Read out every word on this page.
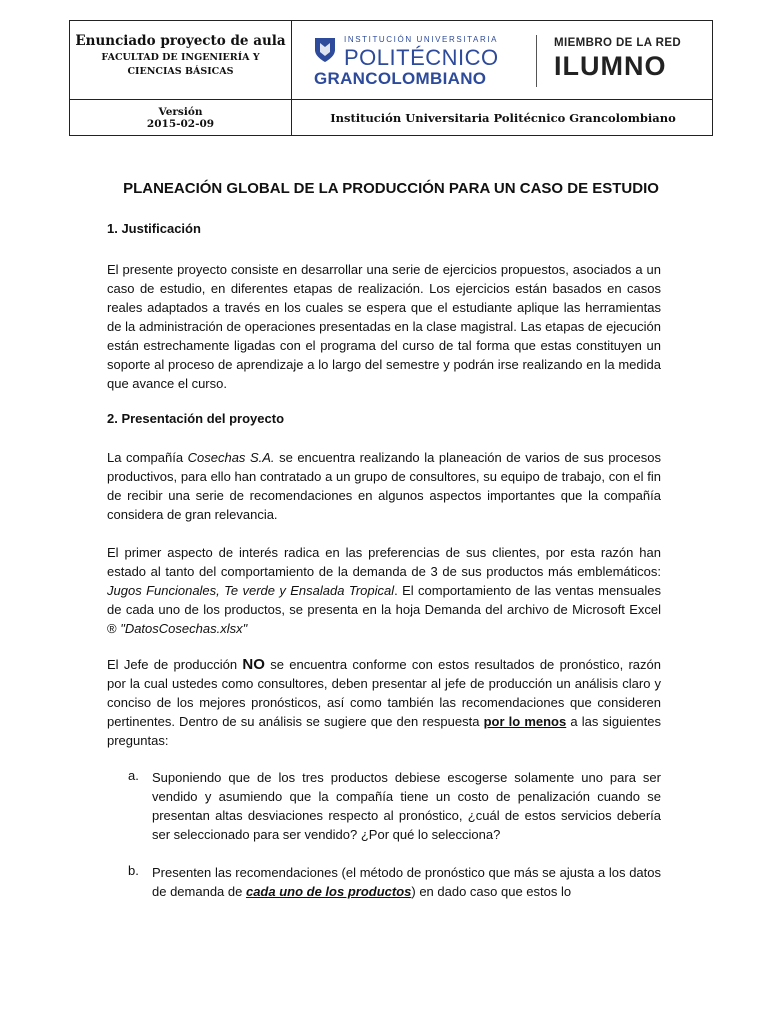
Enunciado proyecto de aula
FACULTAD DE INGENIERÍA Y
CIENCIAS BÁSICAS
INSTITUCIÓN UNIVERSITARIA
POLITÉCNICO
GRANCOLOMBIANO
MIEMBRO DE LA RED
ILUMNO
Versión
2015-02-09	Institución Universitaria Politécnico Grancolombiano
PLANEACIÓN GLOBAL DE LA PRODUCCIÓN PARA UN CASO DE ESTUDIO
1. Justificación
El presente proyecto consiste en desarrollar una serie de ejercicios propuestos, asociados a un caso de estudio, en diferentes etapas de realización. Los ejercicios están basados en casos reales adaptados a través en los cuales se espera que el estudiante aplique las herramientas de la administración de operaciones presentadas en la clase magistral. Las etapas de ejecución están estrechamente ligadas con el programa del curso de tal forma que estas constituyen un soporte al proceso de aprendizaje a lo largo del semestre y podrán irse realizando en la medida que avance el curso.
2. Presentación del proyecto
La compañía Cosechas S.A. se encuentra realizando la planeación de varios de sus procesos productivos, para ello han contratado a un grupo de consultores, su equipo de trabajo, con el fin de recibir una serie de recomendaciones en algunos aspectos importantes que la compañía considera de gran relevancia.
El primer aspecto de interés radica en las preferencias de sus clientes, por esta razón han estado al tanto del comportamiento de la demanda de 3 de sus productos más emblemáticos: Jugos Funcionales, Te verde y Ensalada Tropical. El comportamiento de las ventas mensuales de cada uno de los productos, se presenta en la hoja Demanda del archivo de Microsoft Excel ® "DatosCosechas.xlsx"
El Jefe de producción NO se encuentra conforme con estos resultados de pronóstico, razón por la cual ustedes como consultores, deben presentar al jefe de producción un análisis claro y conciso de los mejores pronósticos, así como también las recomendaciones que consideren pertinentes. Dentro de su análisis se sugiere que den respuesta por lo menos a las siguientes preguntas:
a. Suponiendo que de los tres productos debiese escogerse solamente uno para ser vendido y asumiendo que la compañía tiene un costo de penalización cuando se presentan altas desviaciones respecto al pronóstico, ¿cuál de estos servicios debería ser seleccionado para ser vendido? ¿Por qué lo selecciona?
b. Presenten las recomendaciones (el método de pronóstico que más se ajusta a los datos de demanda de cada uno de los productos) en dado caso que estos lo
